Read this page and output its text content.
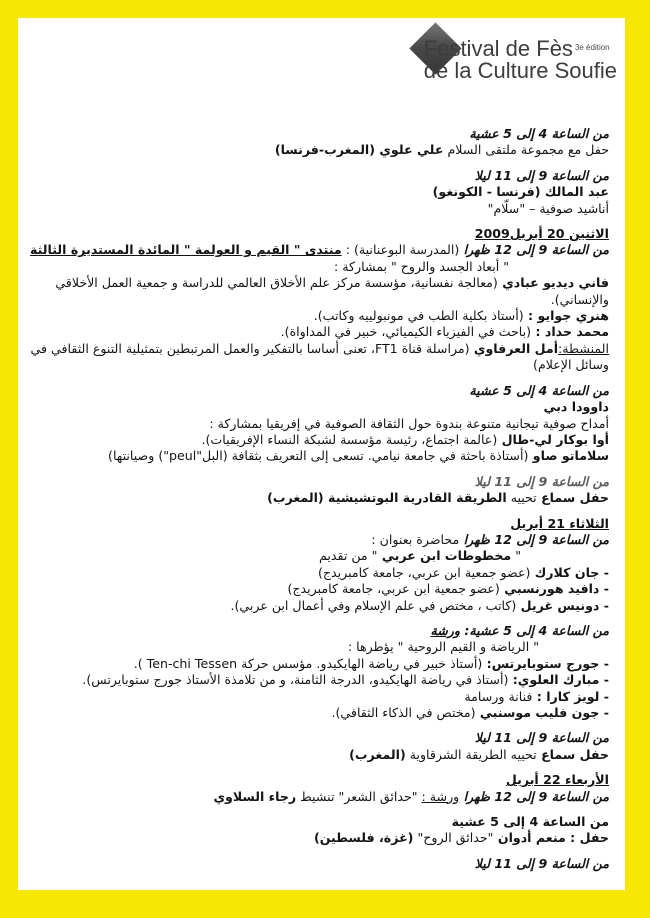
Festival de Fès $^{3e édition}$
de la Culture Soufie
من الساعة 4 إلى 5 عشية
حفل مع مجموعة ملتقى السلام علي علوي (المغرب-فرنسا)
من الساعة 9 إلى 11 ليلا
عبد المالك (فرنسا - الكونغو)
أناشيد صوفية – "سلّام"
الاثنين 20 أبريل2009
من الساعة 9 إلى 12 ظهرا (المدرسة البوعنانية) : منتدى " القيم و العولمة " المائدة المستديرة الثالثة
" أبعاد الجسد والروح " بمشاركة :
فاني ديديو عبادي (معالجة نفسانية، مؤسسة مركز علم الأخلاق العالمي للدراسة و جمعية العمل الأخلاقي والإنساني).
هنري جوايو : (أستاذ بكلية الطب في مونبولييه وكاتب).
محمد حداد : (باحث في الفيزياء الكيميائي، خبير في المداواة).
المنشطة:أمل العرفاوي (مراسلة قناة FT1، تعنى أساسا بالتفكير والعمل المرتبطين بتمثيلية التنوع الثقافي في وسائل الإعلام)
من الساعة 4 إلى 5 عشية
داوودا دبي
أمداح صوفية تيجانية متنوعة بندوة حول الثقافة الصوفية في إفريقيا بمشاركة :
أوا بوكار لي-طال (عالمة اجتماع، رئيسة مؤسسة لشبكة النساء الإفريقيات).
سلاماتو صاو (أستاذة باحثة في جامعة نيامي. تسعى إلى التعريف بثقافة (البل"peul") وصيانتها)
من الساعة 9 إلى 11 ليلا
حفل سماع تحييه الطريقة القادرية البوتشيشية (المغرب)
الثلاثاء 21 أبريل
من الساعة 9 إلى 12 ظهرا محاضرة بعنوان :
" مخطوطات ابن عربي " من تقديم
- جان كلارك (عضو جمعية ابن عربي، جامعة كامبريدج)
- دافيد هورنسبي (عضو جمعية ابن عربي، جامعة كامبريدج)
- دونيس غريل (كاتب ، مختص في علم الإسلام وفي أعمال ابن عربي).
من الساعة 4 إلى 5 عشية: ورشة
" الرياضة و القيم الروحية " يؤطرها :
- جورج ستوبايرتس: (أستاذ خبير في رياضة الهايكيدو. مؤسس حركة Ten-chi Tessen ).
- مبارك العلوي: (أستاذ في رياضة الهايكيدو، الدرجة الثامنة، و من تلامذة الأستاذ جورج ستوبايرتس).
- لويز كارا : فنانة ورسامة
- جون فليب موسنبي (مختص في الذكاء الثقافي).
من الساعة 9 إلى 11 ليلا
حفل سماع تحييه الطريقة الشرقاوية (المغرب)
الأربعاء 22 أبريل
من الساعة 9 إلى 12 ظهرا ورشة : "حدائق الشعر" تنشيط رجاء السلاوي
من الساعة 4 إلى 5 عشية
حفل : منعم أدوان "حدائق الروح" (غزة، فلسطين)
من الساعة 9 إلى 11 ليلا
